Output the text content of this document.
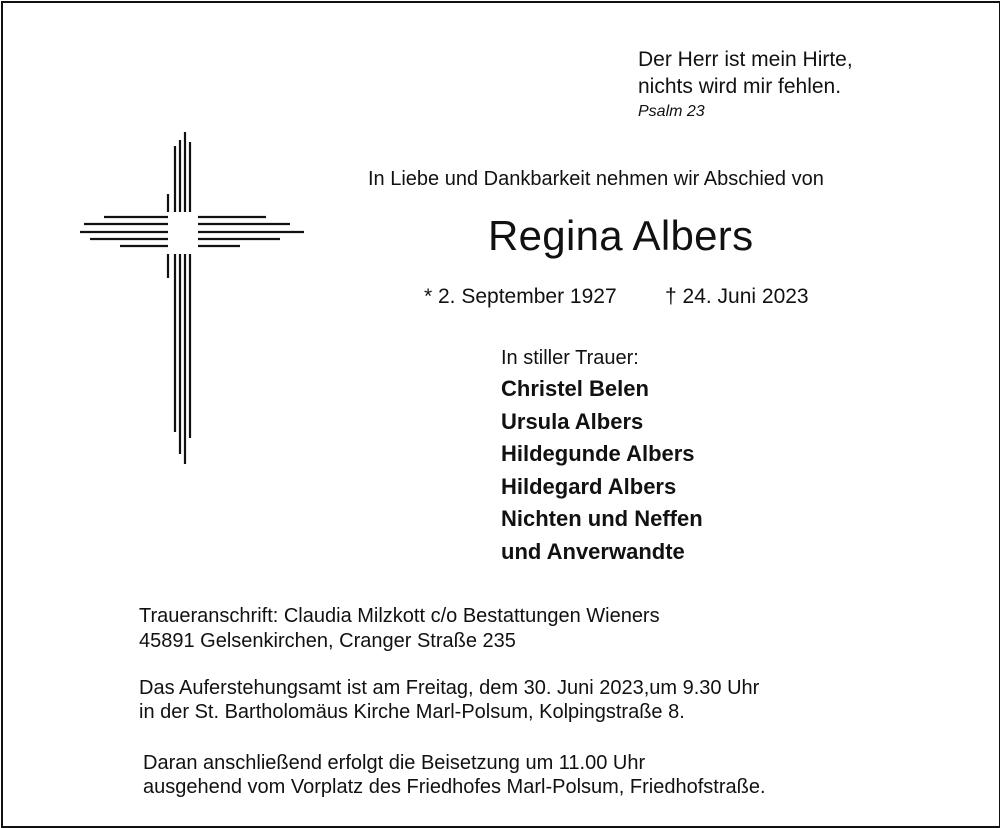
Der Herr ist mein Hirte,
nichts wird mir fehlen.
Psalm 23
In Liebe und Dankbarkeit nehmen wir Abschied von
Regina Albers
* 2. September 1927 † 24. Juni 2023
In stiller Trauer:
Christel Belen
Ursula Albers
Hildegunde Albers
Hildegard Albers
Nichten und Neffen
und Anverwandte
Traueranschrift: Claudia Milzkott c/o Bestattungen Wieners
45891 Gelsenkirchen, Cranger Straße 235
Das Auferstehungsamt ist am Freitag, dem 30. Juni 2023,um 9.30 Uhr
in der St. Bartholomäus Kirche Marl-Polsum, Kolpingstraße 8.
Daran anschließend erfolgt die Beisetzung um 11.00 Uhr
ausgehend vom Vorplatz des Friedhofes Marl-Polsum, Friedhofstraße.
